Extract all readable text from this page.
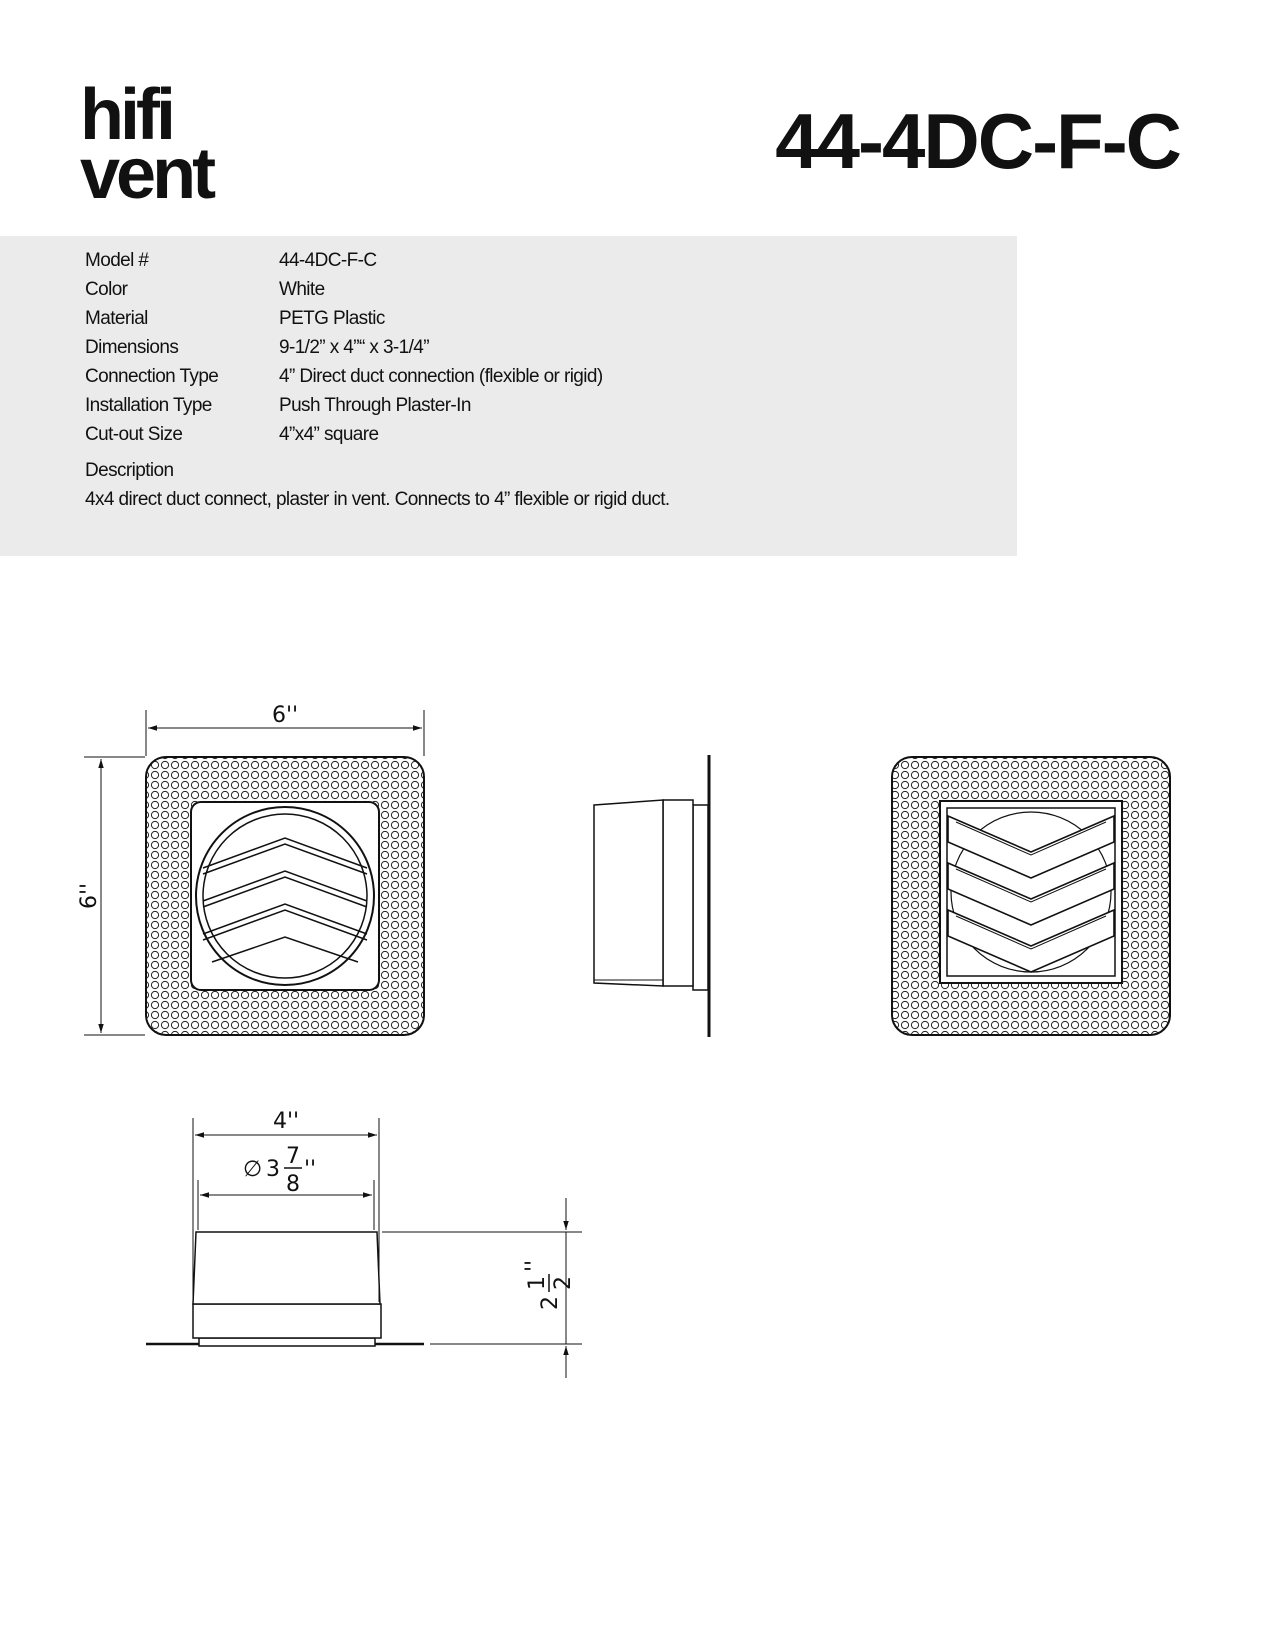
hifi
vent	44-4DC-F-C
Model #	44-4DC-F-C
Color	White
Material	PETG Plastic
Dimensions	9-1/2” x 4”“ x 3-1/4”
Connection Type	4” Direct duct connection (flexible or rigid)
Installation Type	Push Through Plaster-In
Cut-out Size	4”x4” square
Description
4x4 direct duct connect, plaster in vent. Connects to 4” flexible or rigid duct.
6''
6''
4''
∅ 3
7
8
''
2
1 2
''
